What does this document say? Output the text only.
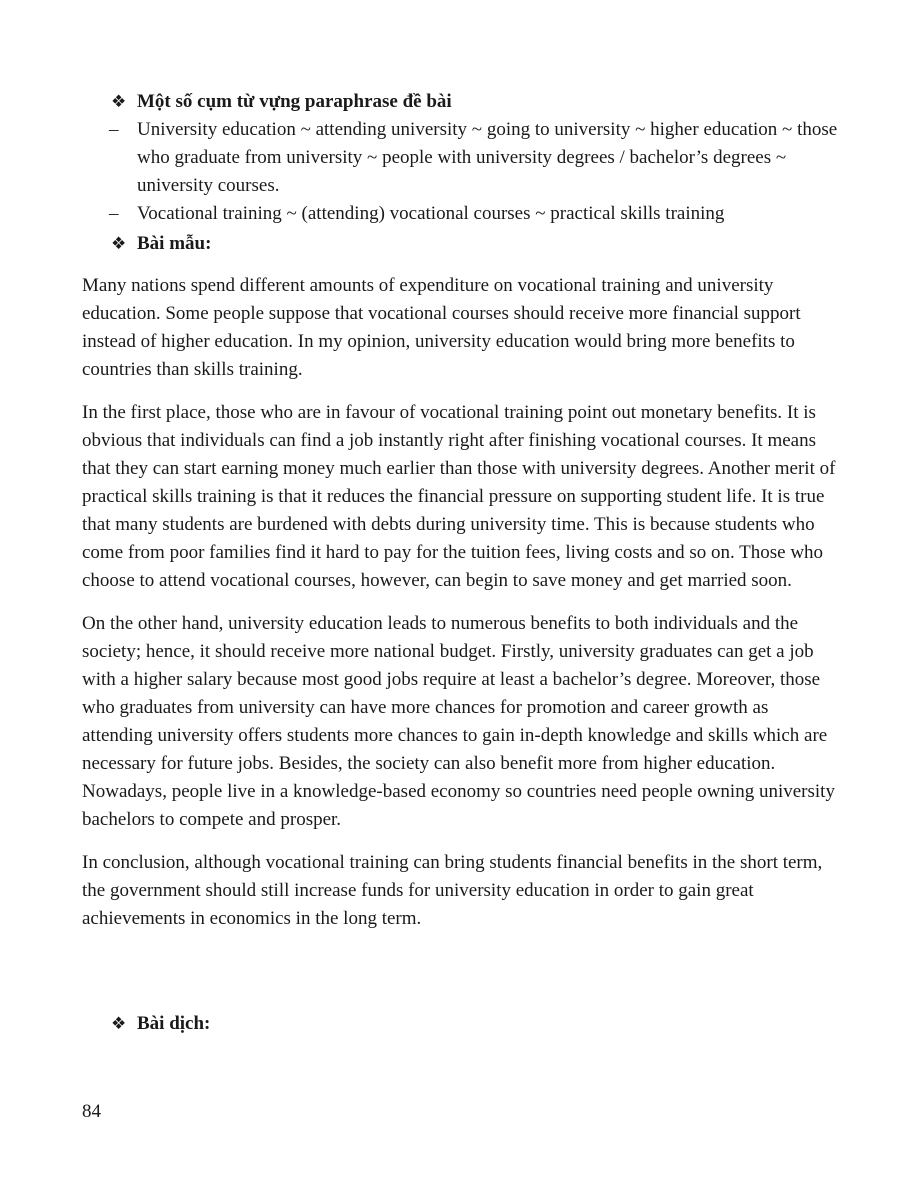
❖ Một số cụm từ vựng paraphrase đề bài
– University education ~ attending university ~ going to university ~ higher education ~ those who graduate from university ~ people with university degrees / bachelor’s degrees ~ university courses.
– Vocational training ~ (attending) vocational courses ~ practical skills training
❖ Bài mẫu:

Many nations spend different amounts of expenditure on vocational training and university education. Some people suppose that vocational courses should receive more financial support instead of higher education. In my opinion, university education would bring more benefits to countries than skills training.

In the first place, those who are in favour of vocational training point out monetary benefits. It is obvious that individuals can find a job instantly right after finishing vocational courses. It means that they can start earning money much earlier than those with university degrees. Another merit of practical skills training is that it reduces the financial pressure on supporting student life. It is true that many students are burdened with debts during university time. This is because students who come from poor families find it hard to pay for the tuition fees, living costs and so on. Those who choose to attend vocational courses, however, can begin to save money and get married soon.

On the other hand, university education leads to numerous benefits to both individuals and the society; hence, it should receive more national budget. Firstly, university graduates can get a job with a higher salary because most good jobs require at least a bachelor’s degree. Moreover, those who graduates from university can have more chances for promotion and career growth as attending university offers students more chances to gain in-depth knowledge and skills which are necessary for future jobs. Besides, the society can also benefit more from higher education. Nowadays, people live in a knowledge-based economy so countries need people owning university bachelors to compete and prosper.

In conclusion, although vocational training can bring students financial benefits in the short term, the government should still increase funds for university education in order to gain great achievements in economics in the long term.

❖ Bài dịch:
84
